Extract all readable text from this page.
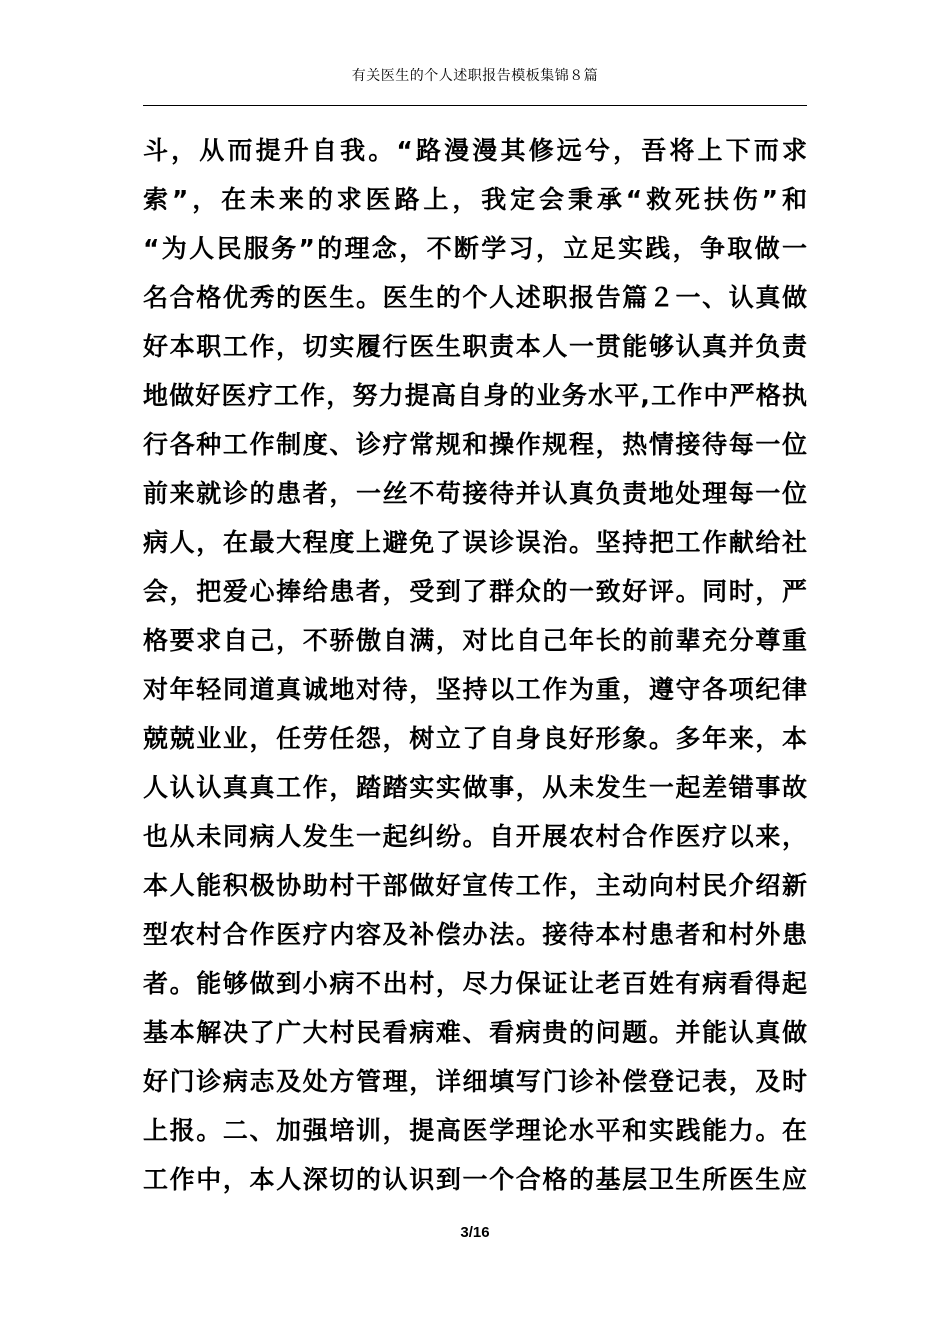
有关医生的个人述职报告模板集锦８篇
斗，从而提升自我。“路漫漫其修远兮，吾将上下而求
索”，在未来的求医路上，我定会秉承“救死扶伤”和
“为人民服务”的理念，不断学习，立足实践，争取做一
名合格优秀的医生。医生的个人述职报告篇２一、认真做
好本职工作，切实履行医生职责本人一贯能够认真并负责
地做好医疗工作，努力提高自身的业务水平,工作中严格执
行各种工作制度、诊疗常规和操作规程，热情接待每一位
前来就诊的患者，一丝不苟接待并认真负责地处理每一位
病人，在最大程度上避免了误诊误治。坚持把工作献给社
会，把爱心捧给患者，受到了群众的一致好评。同时，严
格要求自己，不骄傲自满，对比自己年长的前辈充分尊重
对年轻同道真诚地对待，坚持以工作为重，遵守各项纪律
兢兢业业，任劳任怨，树立了自身良好形象。多年来，本
人认认真真工作，踏踏实实做事，从未发生一起差错事故
也从未同病人发生一起纠纷。自开展农村合作医疗以来，
本人能积极协助村干部做好宣传工作，主动向村民介绍新
型农村合作医疗内容及补偿办法。接待本村患者和村外患
者。能够做到小病不出村，尽力保证让老百姓有病看得起
基本解决了广大村民看病难、看病贵的问题。并能认真做
好门诊病志及处方管理，详细填写门诊补偿登记表，及时
上报。二、加强培训，提高医学理论水平和实践能力。在
工作中，本人深切的认识到一个合格的基层卫生所医生应
3/16
